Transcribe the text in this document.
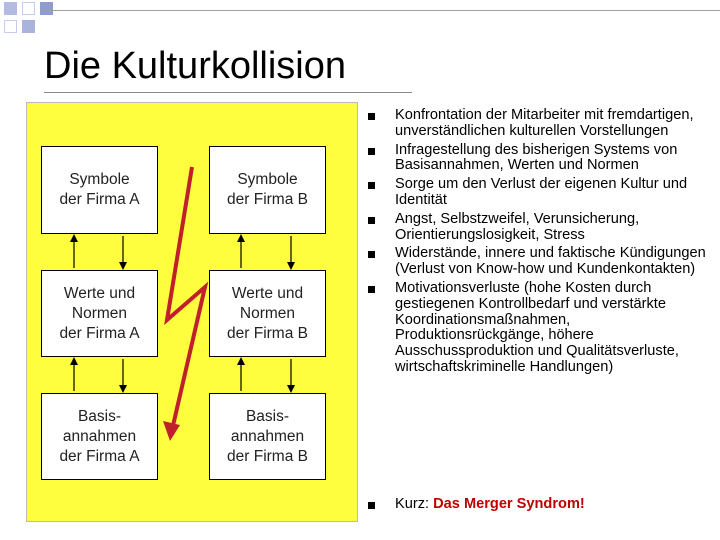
Die Kulturkollision
Symbole
der Firma A
Werte und
Normen
der Firma A
Basis-
annahmen
der Firma A
Symbole
der Firma B
Werte und
Normen
der Firma B
Basis-
annahmen
der Firma B
Konfrontation der Mitarbeiter mit fremdartigen, unverständlichen kulturellen Vorstellungen
Infragestellung des bisherigen Systems von Basisannahmen, Werten und Normen
Sorge um den Verlust der eigenen Kultur und Identität
Angst, Selbstzweifel, Verunsicherung, Orientierungslosigkeit, Stress
Widerstände, innere und faktische Kündigungen (Verlust von Know-how und Kundenkontakten)
Motivationsverluste (hohe Kosten durch gestiegenen Kontrollbedarf und verstärkte Koordinationsmaßnahmen, Produktionsrückgänge, höhere Ausschussproduktion und Qualitätsverluste, wirtschaftskriminelle Handlungen)
Kurz: Das Merger Syndrom!
